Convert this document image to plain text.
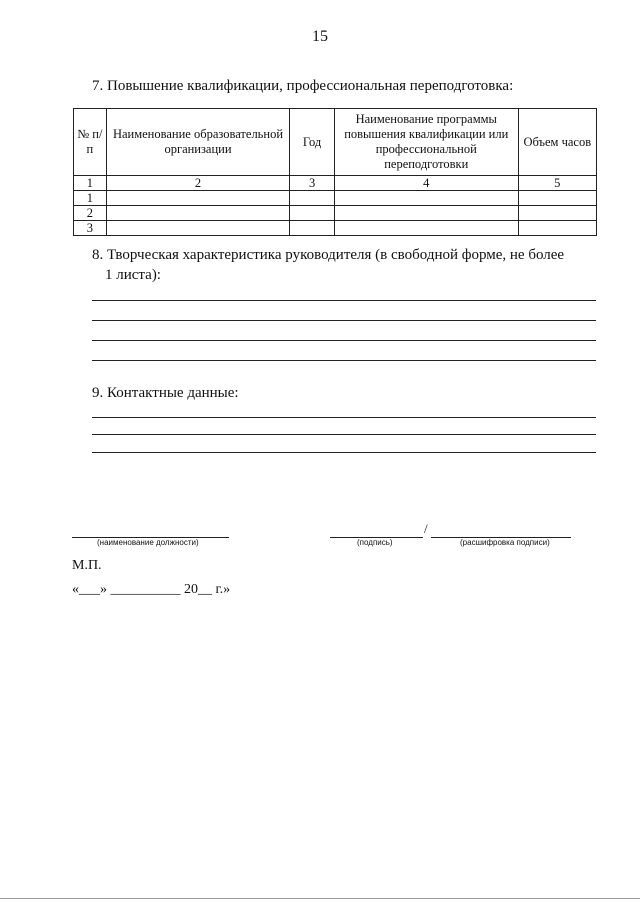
15
7. Повышение квалификации, профессиональная переподготовка:
№ п/п	Наименование образовательной организации	Год	Наименование программы повышения квалификации или профессиональной переподготовки	Объем часов
1	2	3	4	5
1				
2				
3				
8. Творческая характеристика руководителя (в свободной форме, не более
1 листа):
9. Контактные данные:
(наименование должности)
/
(подпись)	(расшифровка подписи)
М.П.
«___» __________ 20__ г.»
